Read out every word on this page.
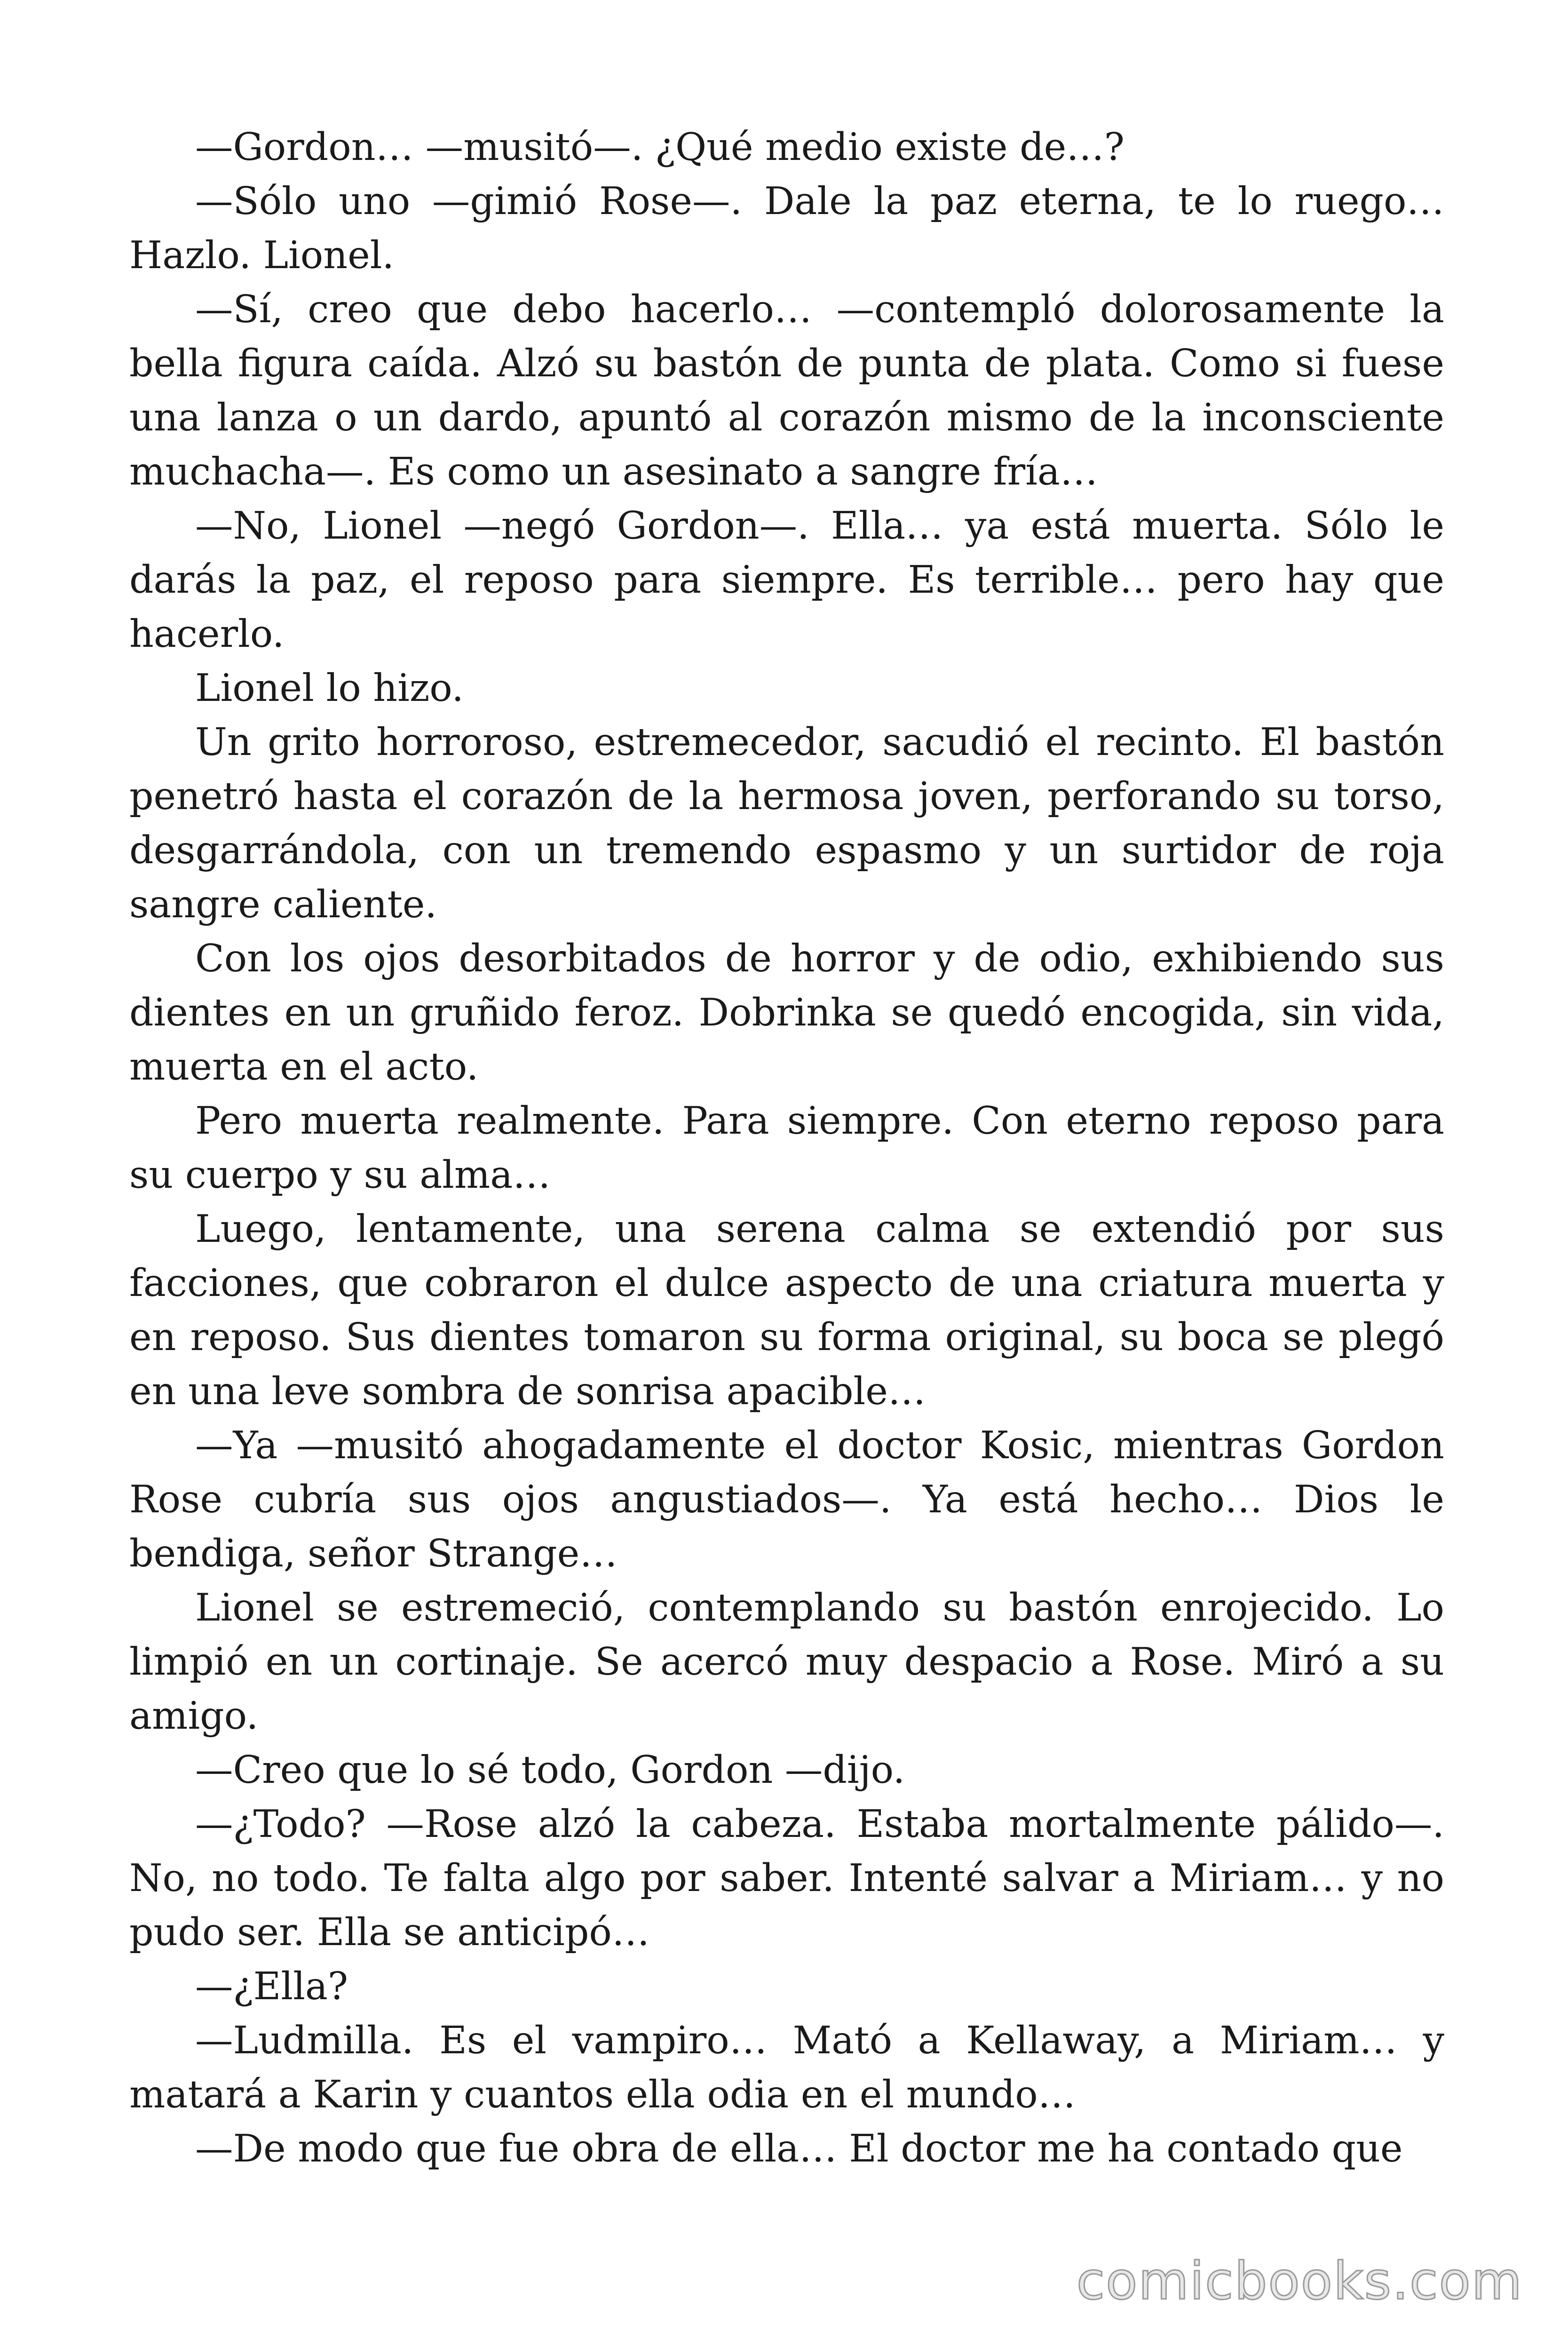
—Gordon… —musitó—. ¿Qué medio existe de…?

—Sólo uno —gimió Rose—. Dale la paz eterna, te lo ruego… Hazlo. Lionel.

—Sí, creo que debo hacerlo… —contempló dolorosamente la bella figura caída. Alzó su bastón de punta de plata. Como si fuese una lanza o un dardo, apuntó al corazón mismo de la inconsciente muchacha—. Es como un asesinato a sangre fría…

—No, Lionel —negó Gordon—. Ella… ya está muerta. Sólo le darás la paz, el reposo para siempre. Es terrible… pero hay que hacerlo.

Lionel lo hizo.

Un grito horroroso, estremecedor, sacudió el recinto. El bastón penetró hasta el corazón de la hermosa joven, perforando su torso, desgarrándola, con un tremendo espasmo y un surtidor de roja sangre caliente.

Con los ojos desorbitados de horror y de odio, exhibiendo sus dientes en un gruñido feroz. Dobrinka se quedó encogida, sin vida, muerta en el acto.

Pero muerta realmente. Para siempre. Con eterno reposo para su cuerpo y su alma…

Luego, lentamente, una serena calma se extendió por sus facciones, que cobraron el dulce aspecto de una criatura muerta y en reposo. Sus dientes tomaron su forma original, su boca se plegó en una leve sombra de sonrisa apacible…

—Ya —musitó ahogadamente el doctor Kosic, mientras Gordon Rose cubría sus ojos angustiados—. Ya está hecho… Dios le bendiga, señor Strange…

Lionel se estremeció, contemplando su bastón enrojecido. Lo limpió en un cortinaje. Se acercó muy despacio a Rose. Miró a su amigo.

—Creo que lo sé todo, Gordon —dijo.

—¿Todo? —Rose alzó la cabeza. Estaba mortalmente pálido—. No, no todo. Te falta algo por saber. Intenté salvar a Miriam… y no pudo ser. Ella se anticipó…

—¿Ella?

—Ludmilla. Es el vampiro… Mató a Kellaway, a Miriam… y matará a Karin y cuantos ella odia en el mundo…

—De modo que fue obra de ella… El doctor me ha contado que

comicbooks.com
